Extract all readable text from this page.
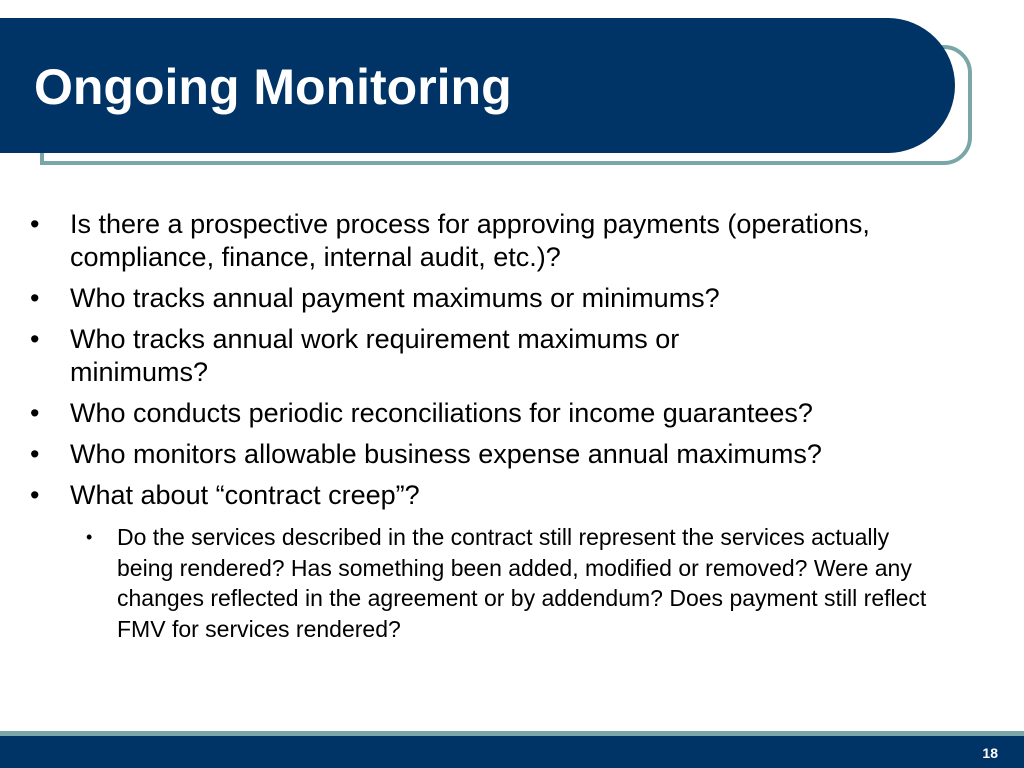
Ongoing Monitoring
• Is there a prospective process for approving payments (operations, compliance, finance, internal audit, etc.)?
• Who tracks annual payment maximums or minimums?
• Who tracks annual work requirement maximums or minimums?
• Who conducts periodic reconciliations for income guarantees?
• Who monitors allowable business expense annual maximums?
• What about “contract creep”?
• Do the services described in the contract still represent the services actually being rendered? Has something been added, modified or removed? Were any changes reflected in the agreement or by addendum? Does payment still reflect FMV for services rendered?
18
